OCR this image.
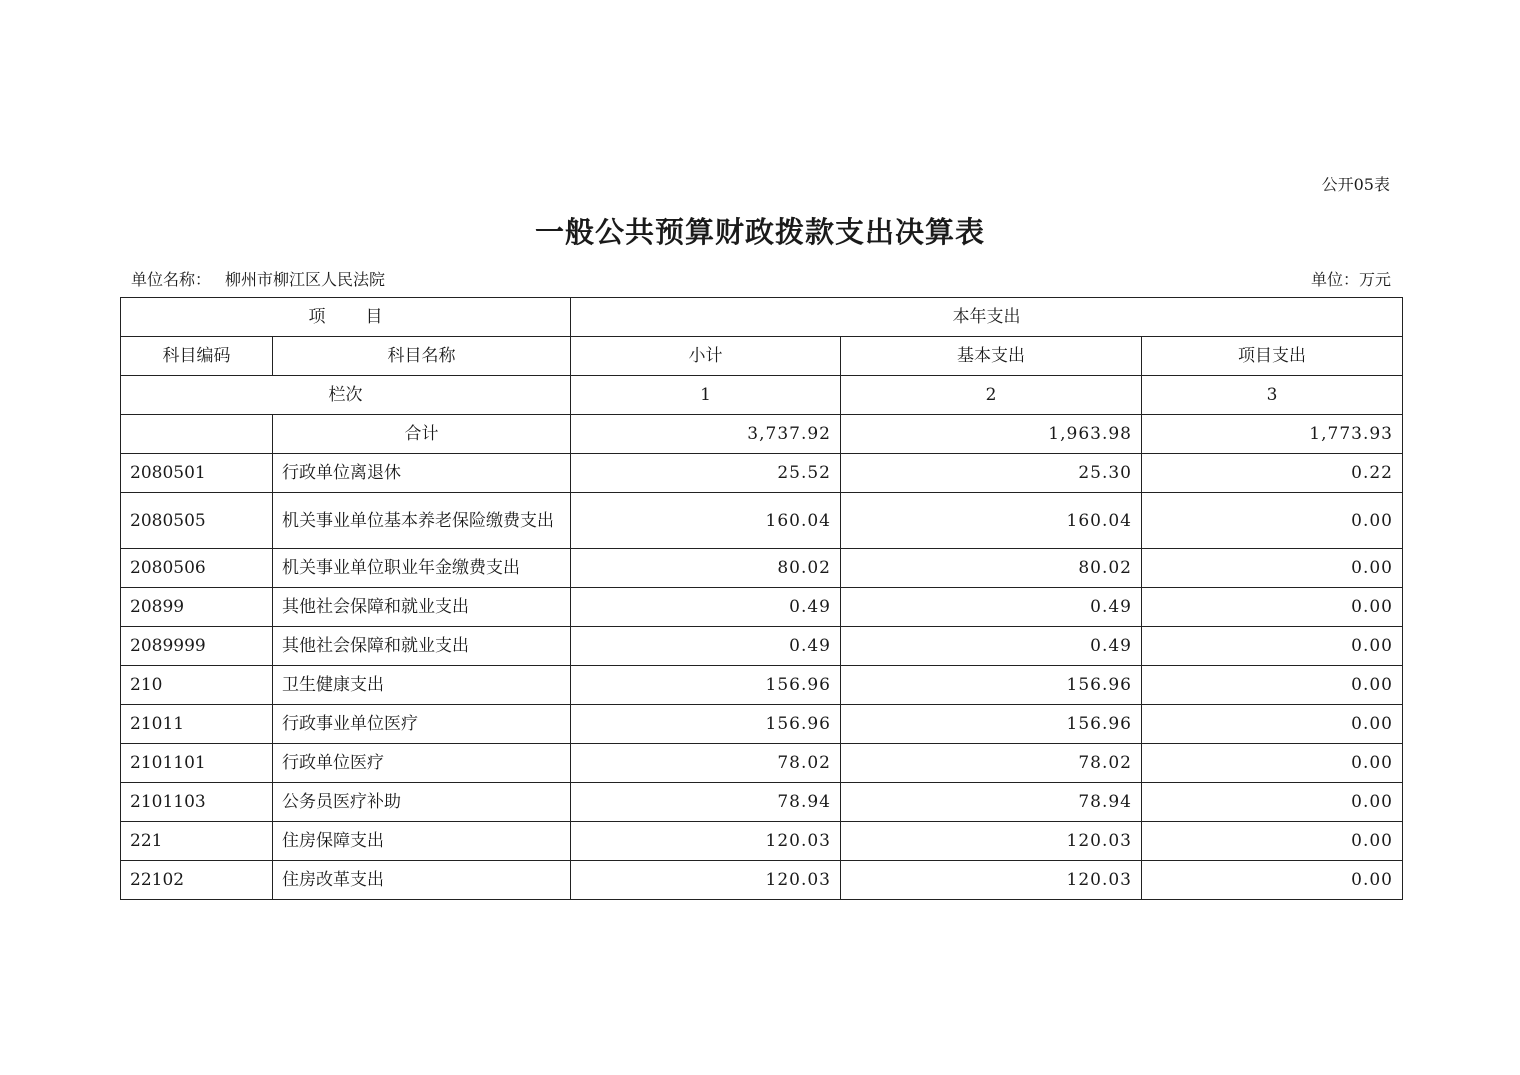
公开05表
一般公共预算财政拨款支出决算表
单位名称： 柳州市柳江区人民法院	单位：万元
项 目		本年支出		
科目编码	科目名称	小计	基本支出	项目支出
栏次		1	2	3
	合计	3,737.92	1,963.98	1,773.93
2080501	行政单位离退休	25.52	25.30	0.22
2080505	机关事业单位基本养老保险缴费支出	160.04	160.04	0.00
2080506	机关事业单位职业年金缴费支出	80.02	80.02	0.00
20899	其他社会保障和就业支出	0.49	0.49	0.00
2089999	其他社会保障和就业支出	0.49	0.49	0.00
210	卫生健康支出	156.96	156.96	0.00
21011	行政事业单位医疗	156.96	156.96	0.00
2101101	行政单位医疗	78.02	78.02	0.00
2101103	公务员医疗补助	78.94	78.94	0.00
221	住房保障支出	120.03	120.03	0.00
22102	住房改革支出	120.03	120.03	0.00
